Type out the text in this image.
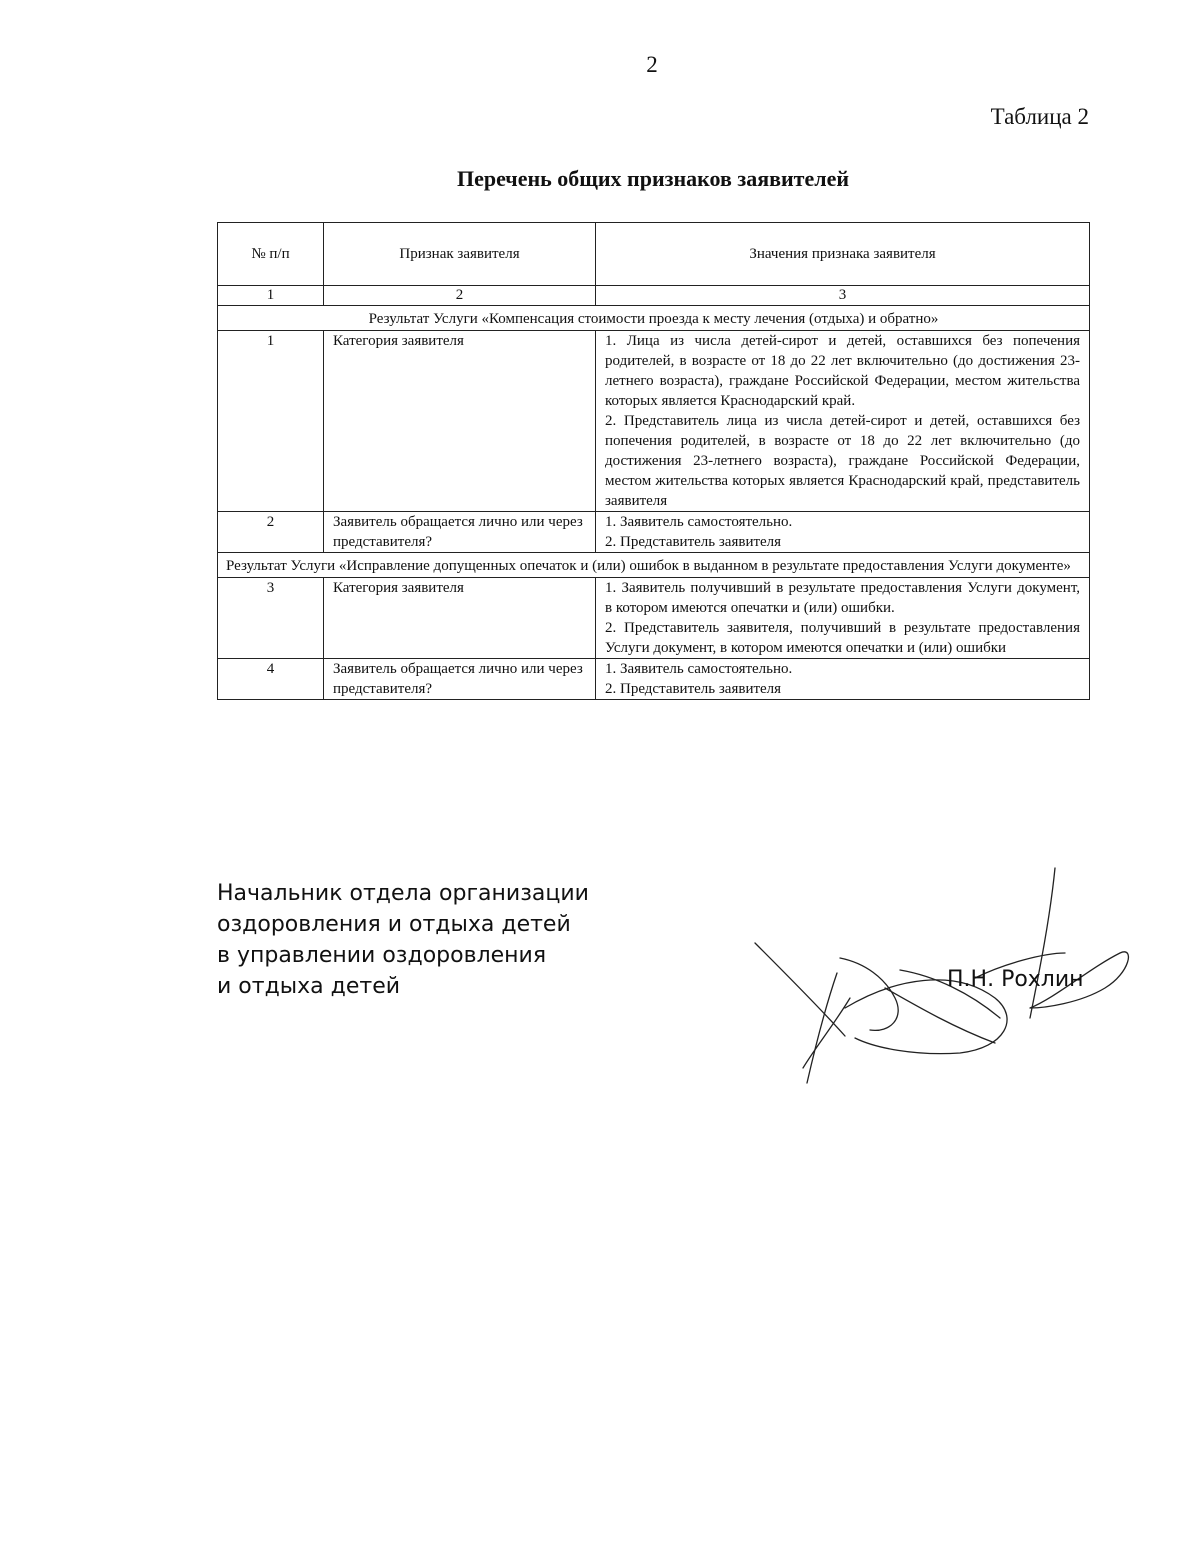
2
Таблица 2
Перечень общих признаков заявителей
№ п/п	Признак заявителя	Значения признака заявителя
1	2	3
Результат Услуги «Компенсация стоимости проезда к месту лечения (отдыха) и обратно»		
1	Категория заявителя	1. Лица из числа детей-сирот и детей, оставшихся без попечения родителей, в возрасте от 18 до 22 лет включительно (до достижения 23-летнего возраста), граждане Российской Федерации, местом жительства которых является Краснодарский край.
2. Представитель лица из числа детей-сирот и детей, оставшихся без попечения родителей, в возрасте от 18 до 22 лет включительно (до достижения 23-летнего возраста), граждане Российской Федерации, местом жительства которых является Краснодарский край, представитель заявителя

2	Заявитель обращается лично или через представителя?	1. Заявитель самостоятельно.
2. Представитель заявителя

Результат Услуги «Исправление допущенных опечаток и (или) ошибок в выданном в результате предоставления Услуги документе»		
3	Категория заявителя	1. Заявитель получивший в результате предоставления Услуги документ, в котором имеются опечатки и (или) ошибки.
2. Представитель заявителя, получивший в результате предоставления Услуги документ, в котором имеются опечатки и (или) ошибки

4	Заявитель обращается лично или через представителя?	1. Заявитель самостоятельно.
2. Представитель заявителя
Начальник отдела организации
оздоровления и отдыха детей
в управлении оздоровления
и отдыха детей	П.Н. Рохлин
